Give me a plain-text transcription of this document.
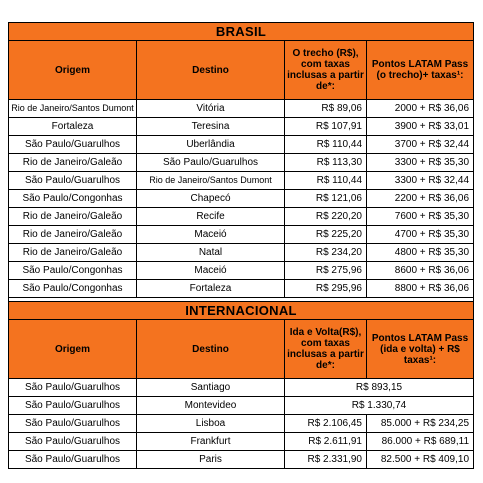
BRASIL			
Origem	Destino	O trecho (R$), com taxas inclusas a partir de*:	Pontos LATAM Pass (o trecho)+ taxas¹:
Rio de Janeiro/Santos Dumont	Vitória	R$ 89,06	2000 + R$ 36,06
Fortaleza	Teresina	R$ 107,91	3900 + R$ 33,01
São Paulo/Guarulhos	Uberlândia	R$ 110,44	3700 + R$ 32,44
Rio de Janeiro/Galeão	São Paulo/Guarulhos	R$ 113,30	3300 + R$ 35,30
São Paulo/Guarulhos	Rio de Janeiro/Santos Dumont	R$ 110,44	3300 + R$ 32,44
São Paulo/Congonhas	Chapecó	R$ 121,06	2200 + R$ 36,06
Rio de Janeiro/Galeão	Recife	R$ 220,20	7600 + R$ 35,30
Rio de Janeiro/Galeão	Maceió	R$ 225,20	4700 + R$ 35,30
Rio de Janeiro/Galeão	Natal	R$ 234,20	4800 + R$ 35,30
São Paulo/Congonhas	Maceió	R$ 275,96	8600 + R$ 36,06
São Paulo/Congonhas	Fortaleza	R$ 295,96	8800 + R$ 36,06

INTERNACIONAL			
Origem	Destino	Ida e Volta(R$), com taxas inclusas a partir de*:	Pontos LATAM Pass (ida e volta) + R$ taxas¹:
São Paulo/Guarulhos	Santiago	R$ 893,15	
São Paulo/Guarulhos	Montevideo	R$ 1.330,74	
São Paulo/Guarulhos	Lisboa	R$ 2.106,45	85.000 + R$ 234,25
São Paulo/Guarulhos	Frankfurt	R$ 2.611,91	86.000 + R$ 689,11
São Paulo/Guarulhos	Paris	R$ 2.331,90	82.500 + R$ 409,10
